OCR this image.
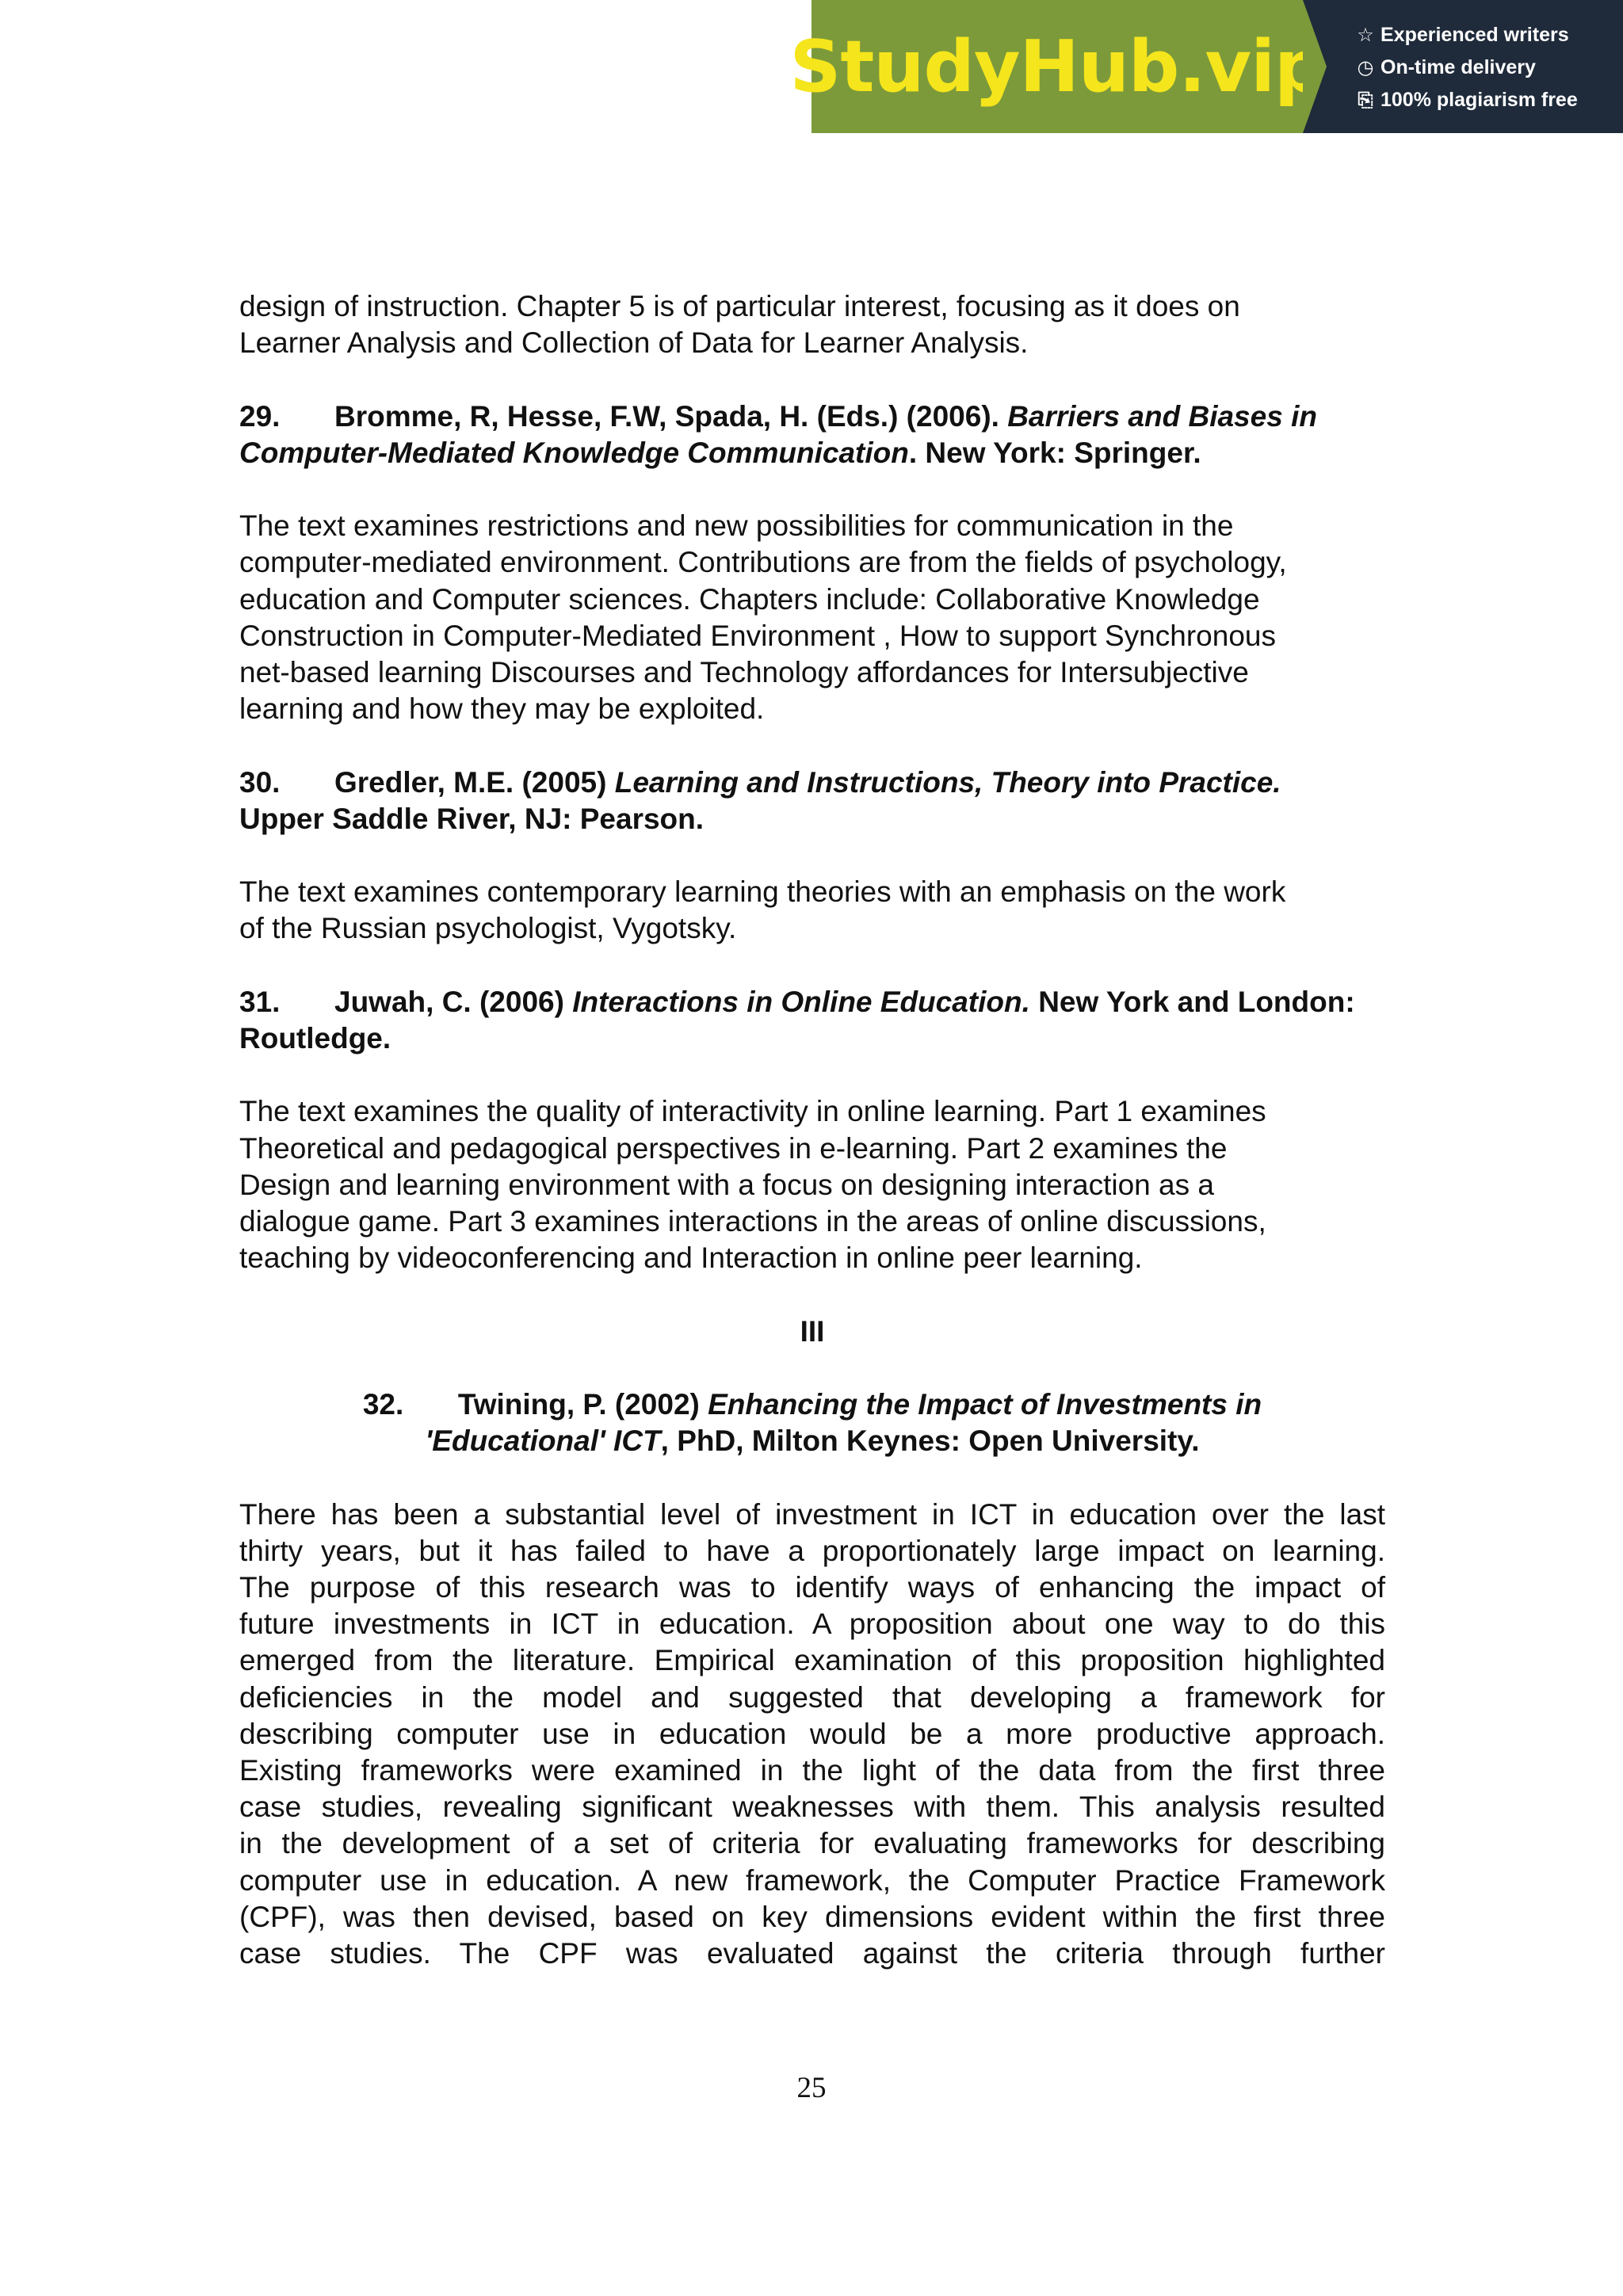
StudyHub.vip ☆ Experienced writers
◷ On-time delivery
⎘ 100% plagiarism free

design of instruction. Chapter 5 is of particular interest, focusing as it does on
Learner Analysis and Collection of Data for Learner Analysis.

29. Bromme, R, Hesse, F.W, Spada, H. (Eds.) (2006). Barriers and Biases in Computer-Mediated Knowledge Communication. New York: Springer.

The text examines restrictions and new possibilities for communication in the
computer-mediated environment. Contributions are from the fields of psychology,
education and Computer sciences. Chapters include: Collaborative Knowledge
Construction in Computer-Mediated Environment , How to support Synchronous
net-based learning Discourses and Technology affordances for Intersubjective
learning and how they may be exploited.

30. Gredler, M.E. (2005) Learning and Instructions, Theory into Practice.
Upper Saddle River, NJ: Pearson.

The text examines contemporary learning theories with an emphasis on the work
of the Russian psychologist, Vygotsky.

31. Juwah, C. (2006) Interactions in Online Education. New York and London: Routledge.

The text examines the quality of interactivity in online learning. Part 1 examines
Theoretical and pedagogical perspectives in e-learning. Part 2 examines the
Design and learning environment with a focus on designing interaction as a
dialogue game. Part 3 examines interactions in the areas of online discussions,
teaching by videoconferencing and Interaction in online peer learning.

III

32. Twining, P. (2002) Enhancing the Impact of Investments in
'Educational' ICT, PhD, Milton Keynes: Open University.

There has been a substantial level of investment in ICT in education over the last

thirty years, but it has failed to have a proportionately large impact on learning.

The purpose of this research was to identify ways of enhancing the impact of

future investments in ICT in education. A proposition about one way to do this

emerged from the literature. Empirical examination of this proposition highlighted

deficiencies in the model and suggested that developing a framework for

describing computer use in education would be a more productive approach.

Existing frameworks were examined in the light of the data from the first three

case studies, revealing significant weaknesses with them. This analysis resulted

in the development of a set of criteria for evaluating frameworks for describing

computer use in education. A new framework, the Computer Practice Framework

(CPF), was then devised, based on key dimensions evident within the first three

case studies. The CPF was evaluated against the criteria through further

25
